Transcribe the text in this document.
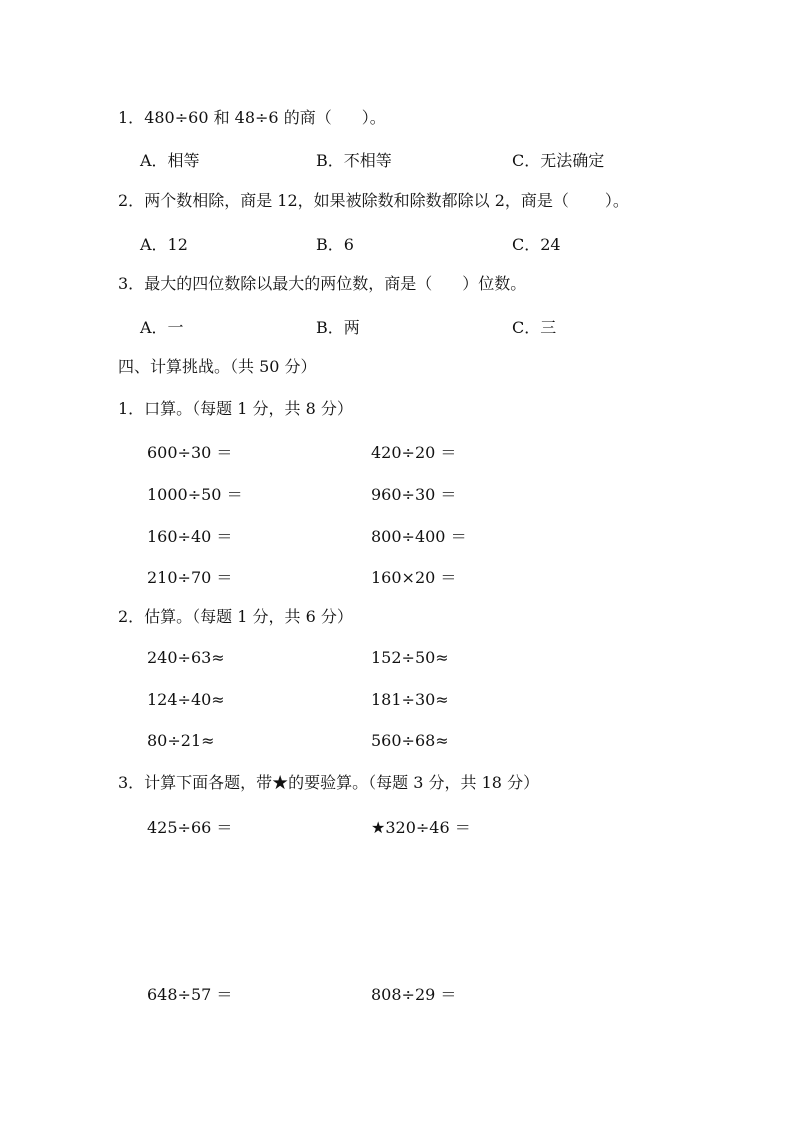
1．480÷60 和 48÷6 的商（ ）。
A．相等	B．不相等	C．无法确定
2．两个数相除，商是 12，如果被除数和除数都除以 2，商是（ ）。
A．12	B．6	C．24
3．最大的四位数除以最大的两位数，商是（ ）位数。
A．一	B．两	C．三
四、计算挑战。（共 50 分）
1．口算。（每题 1 分，共 8 分）
600÷30 ＝	420÷20 ＝
1000÷50 ＝	960÷30 ＝
160÷40 ＝	800÷400 ＝
210÷70 ＝	160×20 ＝
2．估算。（每题 1 分，共 6 分）
240÷63≈	152÷50≈
124÷40≈	181÷30≈
80÷21≈	560÷68≈
3．计算下面各题，带★的要验算。（每题 3 分，共 18 分）
425÷66 ＝	★320÷46 ＝
648÷57 ＝	808÷29 ＝
